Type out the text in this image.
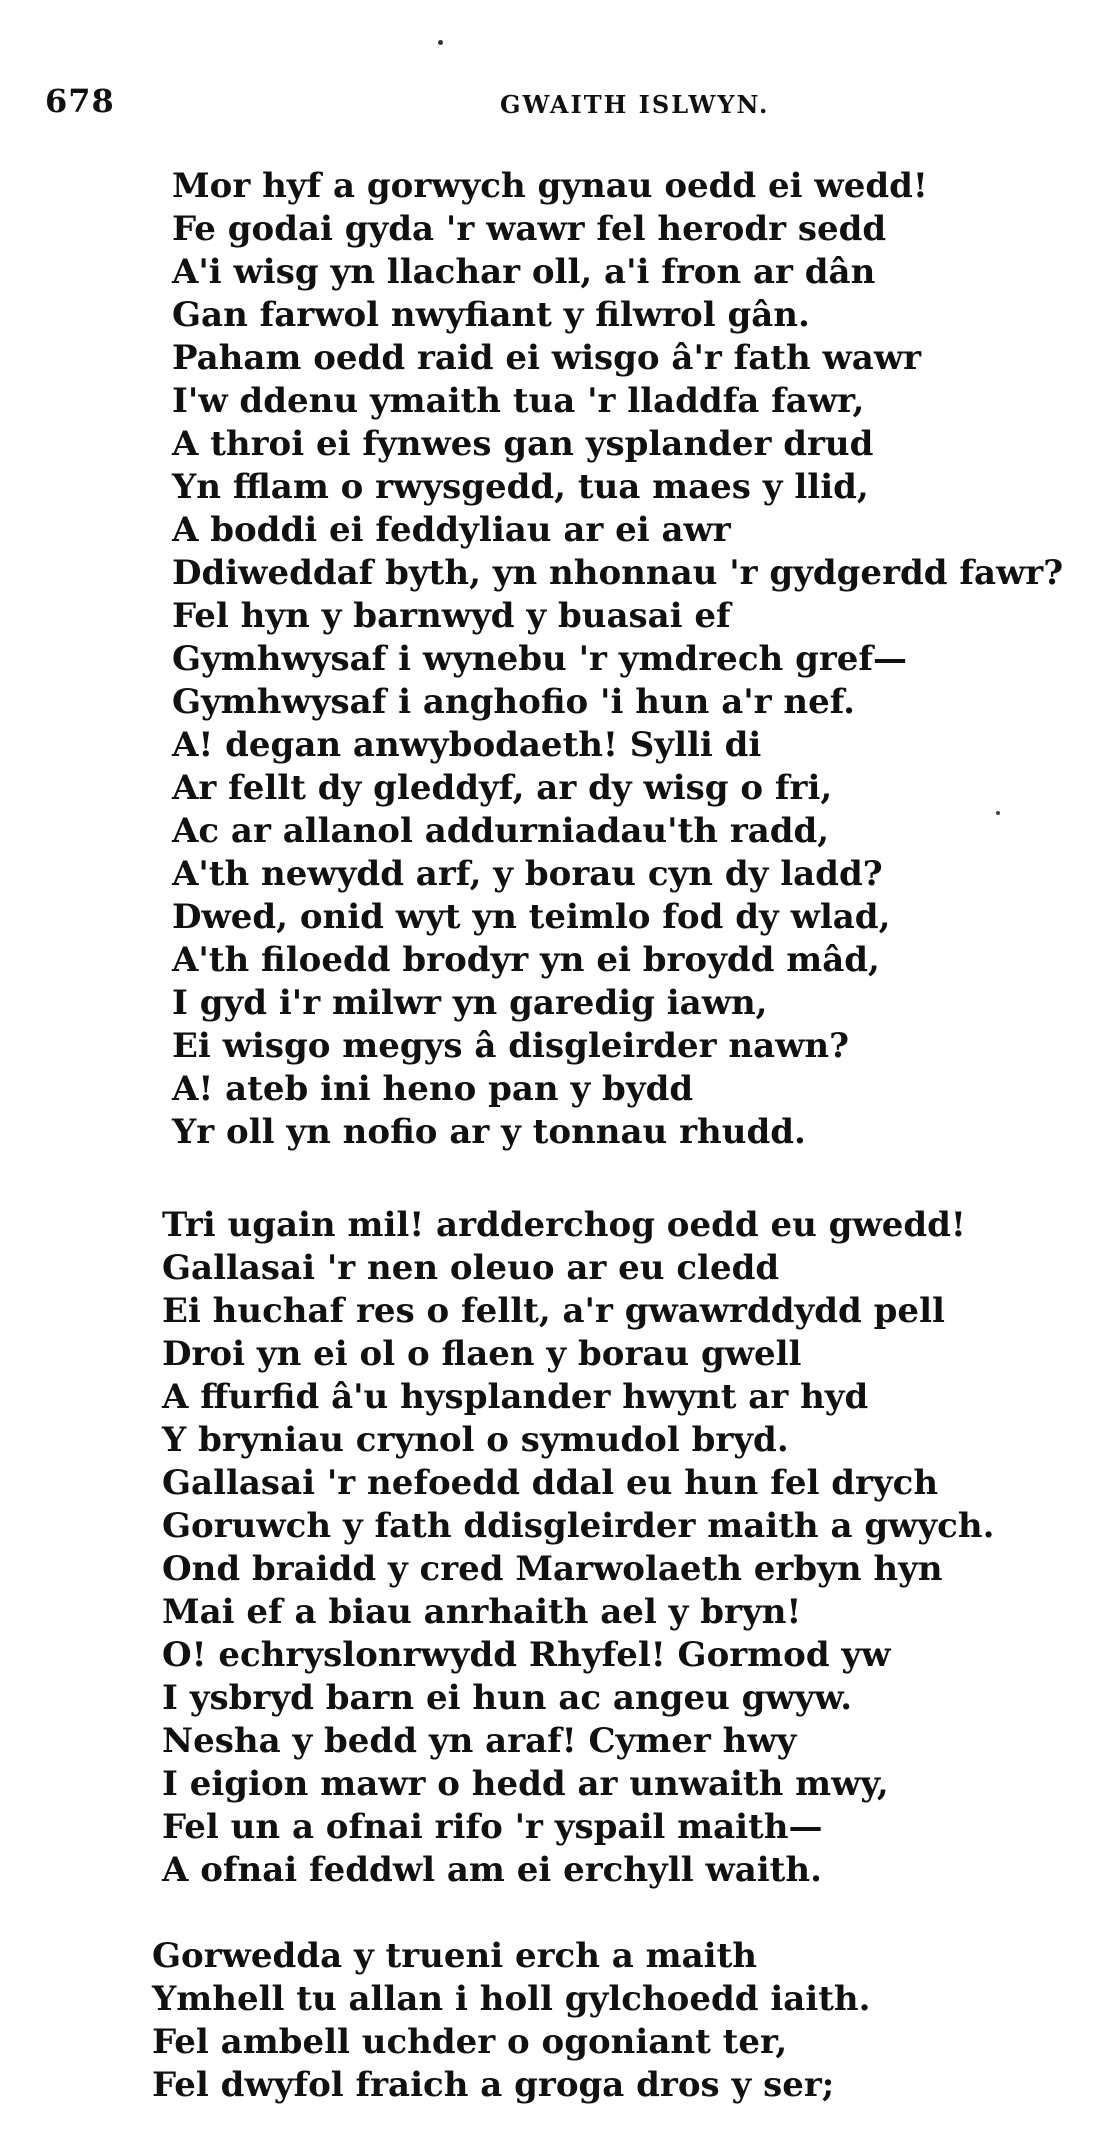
678	GWAITH ISLWYN.
Mor hyf a gorwych gynau oedd ei wedd!
Fe godai gyda 'r wawr fel herodr sedd
A'i wisg yn llachar oll, a'i fron ar dân
Gan farwol nwyfiant y filwrol gân.
Paham oedd raid ei wisgo â'r fath wawr
I'w ddenu ymaith tua 'r lladdfa fawr,
A throi ei fynwes gan ysplander drud
Yn fflam o rwysgedd, tua maes y llid,
A boddi ei feddyliau ar ei awr
Ddiweddaf byth, yn nhonnau 'r gydgerdd fawr?
Fel hyn y barnwyd y buasai ef
Gymhwysaf i wynebu 'r ymdrech gref—
Gymhwysaf i anghofio 'i hun a'r nef.
A! degan anwybodaeth! Sylli di
Ar fellt dy gleddyf, ar dy wisg o fri,
Ac ar allanol addurniadau'th radd,
A'th newydd arf, y borau cyn dy ladd?
Dwed, onid wyt yn teimlo fod dy wlad,
A'th filoedd brodyr yn ei broydd mâd,
I gyd i'r milwr yn garedig iawn,
Ei wisgo megys â disgleirder nawn?
A! ateb ini heno pan y bydd
Yr oll yn nofio ar y tonnau rhudd.
Tri ugain mil! ardderchog oedd eu gwedd!
Gallasai 'r nen oleuo ar eu cledd
Ei huchaf res o fellt, a'r gwawrddydd pell
Droi yn ei ol o flaen y borau gwell
A ffurfid â'u hysplander hwynt ar hyd
Y bryniau crynol o symudol bryd.
Gallasai 'r nefoedd ddal eu hun fel drych
Goruwch y fath ddisgleirder maith a gwych.
Ond braidd y cred Marwolaeth erbyn hyn
Mai ef a biau anrhaith ael y bryn!
O! echryslonrwydd Rhyfel! Gormod yw
I ysbryd barn ei hun ac angeu gwyw.
Nesha y bedd yn araf! Cymer hwy
I eigion mawr o hedd ar unwaith mwy,
Fel un a ofnai rifo 'r yspail maith—
A ofnai feddwl am ei erchyll waith.
Gorwedda y trueni erch a maith
Ymhell tu allan i holl gylchoedd iaith.
Fel ambell uchder o ogoniant ter,
Fel dwyfol fraich a groga dros y ser;
